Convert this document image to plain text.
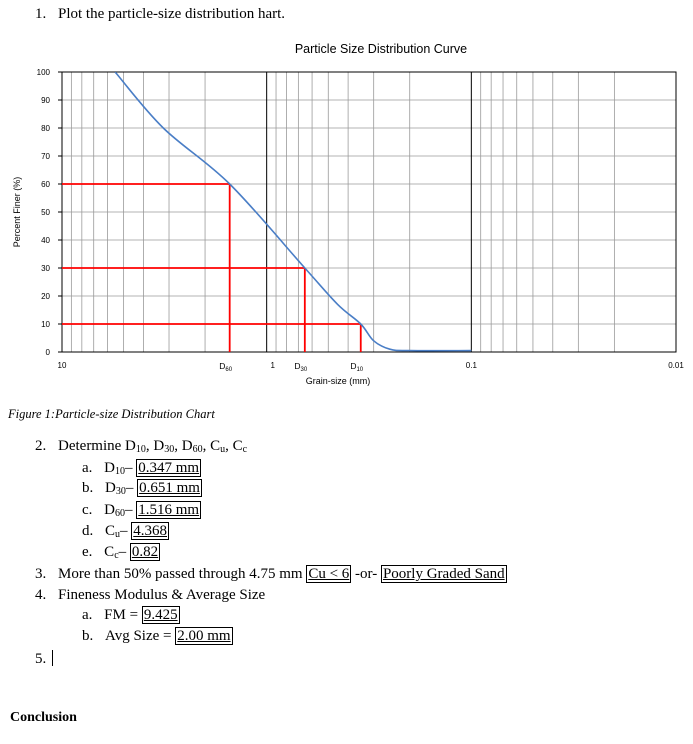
1. Plot the particle-size distribution hart.
Particle Size Distribution Curve
0
10
20
30
40
50
60
70
80
90
100
Percent Finer (%)
10	1	0.1	0.01
Grain-size (mm)
$D_{60}$	$D_{30}$	$D_{10}$
Figure 1:Particle-size Distribution Chart
2. Determine $D_{10}$, $D_{30}$, $D_{60}$, $C_u$, $C_c$
a. $D_{10}-$ 0.347 mm
b. $D_{30}-$ 0.651 mm
c. $D_{60}-$ 1.516 mm
d. $C_u-$ 4.368
e. $C_c-$ 0.82
3. More than 50% passed through 4.75 mm Cu < 6 -or- Poorly Graded Sand
4. Fineness Modulus & Average Size
a. FM = 9.425
b. Avg Size = 2.00 mm
5.
Conclusion
